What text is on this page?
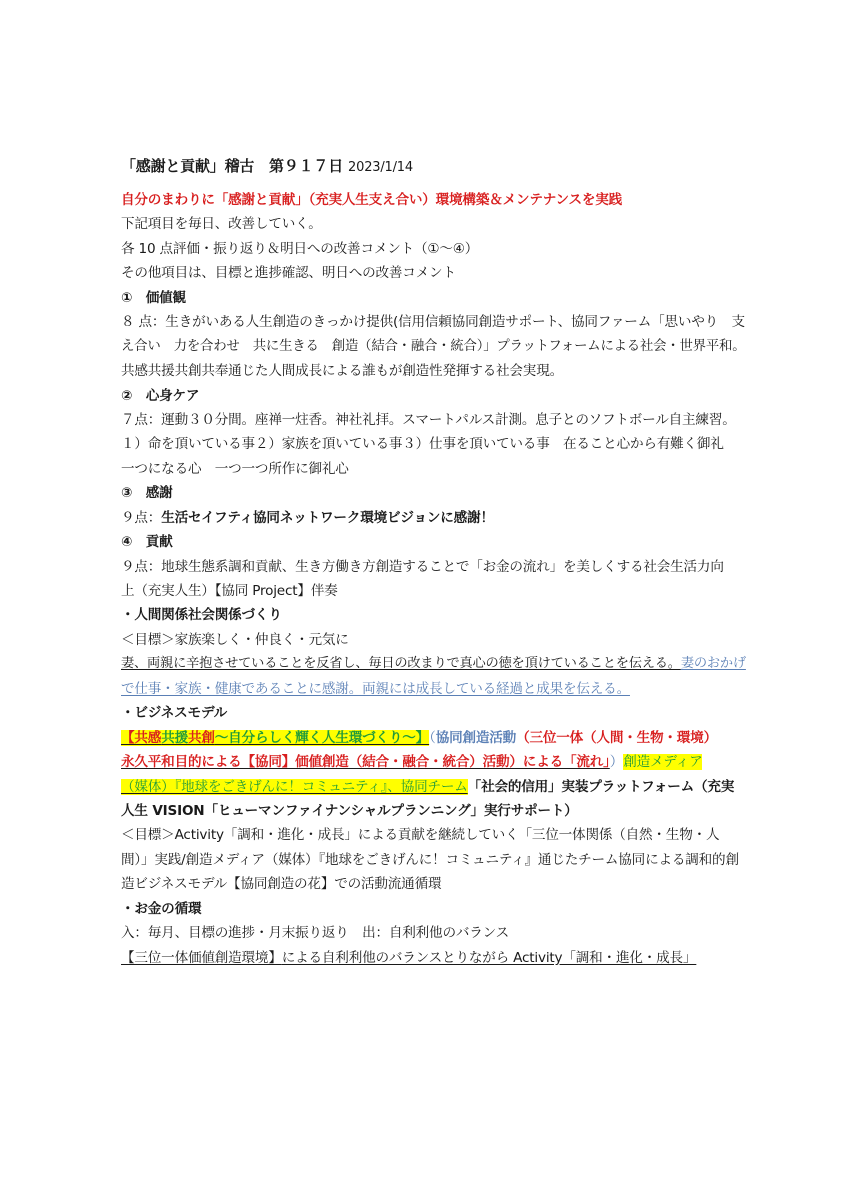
「感謝と貢献」稽古　第９１７日 2023/1/14
自分のまわりに「感謝と貢献」（充実人生支え合い）環境構築＆メンテナンスを実践
下記項目を毎日、改善していく。
各 10 点評価・振り返り＆明日への改善コメント（①～④）
その他項目は、目標と進捗確認、明日への改善コメント
①　価値観
８ 点：生きがいある人生創造のきっかけ提供(信用信頼協同創造サポート、協同ファーム「思いやり　支
え合い　力を合わせ　共に生きる　創造（結合・融合・統合）」プラットフォームによる社会・世界平和。
共感共援共創共奉通じた人間成長による誰もが創造性発揮する社会実現。
②　心身ケア
７点：運動３０分間。座禅一炷香。神社礼拝。スマートパルス計測。息子とのソフトボール自主練習。
１）命を頂いている事２）家族を頂いている事３）仕事を頂いている事　在ること心から有難く御礼
一つになる心　一つ一つ所作に御礼心
③　感謝
９点：生活セイフティ協同ネットワーク環境ビジョンに感謝！
④　貢献
９点：地球生態系調和貢献、生き方働き方創造することで「お金の流れ」を美しくする社会生活力向
上（充実人生）【協同 Project】伴奏
・人間関係社会関係づくり
＜目標＞家族楽しく・仲良く・元気に
妻、両親に辛抱させていることを反省し、毎日の改まりで真心の徳を頂けていることを伝える。妻のおかげ
で仕事・家族・健康であることに感謝。両親には成長している経過と成果を伝える。
・ビジネスモデル
【共感共援共創～自分らしく輝く人生環づくり～】（協同創造活動（三位一体（人間・生物・環境）
永久平和目的による【協同】価値創造（結合・融合・統合）活動）による「流れ」）創造メディア
（媒体）『地球をごきげんに！コミュニティ』、協同チーム「社会的信用」実装プラットフォーム（充実
人生 VISION「ヒューマンファイナンシャルプランニング」実行サポート）
＜目標＞Activity「調和・進化・成長」による貢献を継続していく「三位一体関係（自然・生物・人
間）」実践/創造メディア（媒体）『地球をごきげんに！コミュニティ』通じたチーム協同による調和的創
造ビジネスモデル【協同創造の花】での活動流通循環
・お金の循環
入：毎月、目標の進捗・月末振り返り　出：自利利他のバランス
【三位一体価値創造環境】による自利利他のバランスとりながら Activity「調和・進化・成長」
